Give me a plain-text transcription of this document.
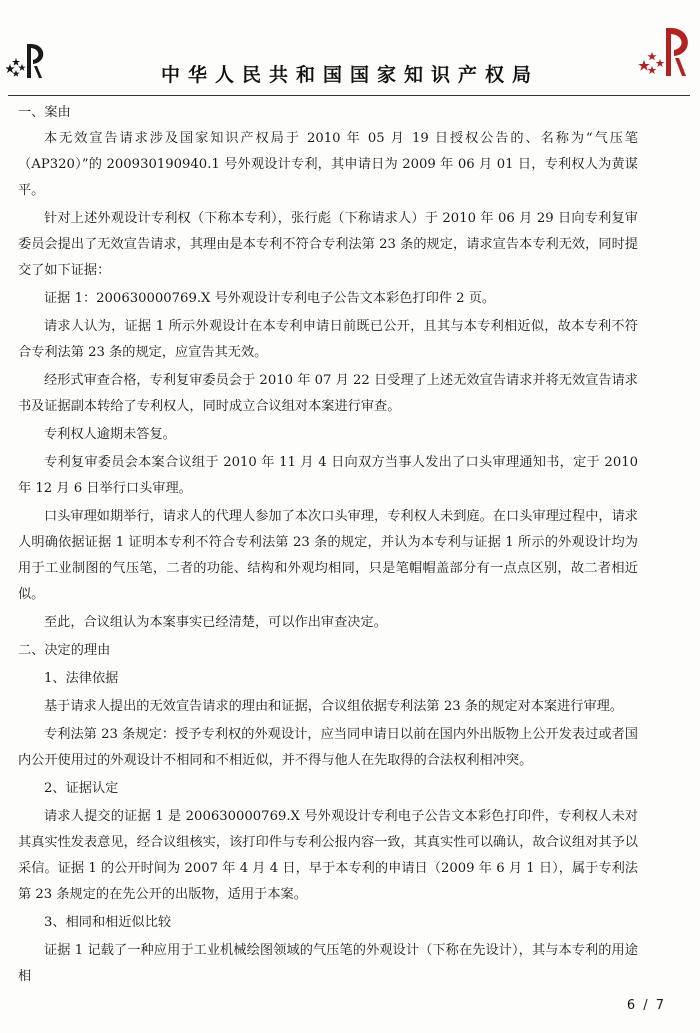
中华人民共和国国家知识产权局

一、案由

本无效宣告请求涉及国家知识产权局于 2010 年 05 月 19 日授权公告的、名称为“气压笔（AP320）”的 200930190940.1 号外观设计专利，其申请日为 2009 年 06 月 01 日，专利权人为黄谋平。

针对上述外观设计专利权（下称本专利），张行彪（下称请求人）于 2010 年 06 月 29 日向专利复审委员会提出了无效宣告请求，其理由是本专利不符合专利法第 23 条的规定，请求宣告本专利无效，同时提交了如下证据：

证据 1：200630000769.X 号外观设计专利电子公告文本彩色打印件 2 页。

请求人认为，证据 1 所示外观设计在本专利申请日前既已公开，且其与本专利相近似，故本专利不符合专利法第 23 条的规定，应宣告其无效。

经形式审查合格，专利复审委员会于 2010 年 07 月 22 日受理了上述无效宣告请求并将无效宣告请求书及证据副本转给了专利权人，同时成立合议组对本案进行审查。

专利权人逾期未答复。

专利复审委员会本案合议组于 2010 年 11 月 4 日向双方当事人发出了口头审理通知书，定于 2010 年 12 月 6 日举行口头审理。

口头审理如期举行，请求人的代理人参加了本次口头审理，专利权人未到庭。在口头审理过程中，请求人明确依据证据 1 证明本专利不符合专利法第 23 条的规定，并认为本专利与证据 1 所示的外观设计均为用于工业制图的气压笔，二者的功能、结构和外观均相同，只是笔帽帽盖部分有一点点区别，故二者相近似。

至此，合议组认为本案事实已经清楚，可以作出审查决定。

二、决定的理由

1、法律依据

基于请求人提出的无效宣告请求的理由和证据，合议组依据专利法第 23 条的规定对本案进行审理。

专利法第 23 条规定：授予专利权的外观设计，应当同申请日以前在国内外出版物上公开发表过或者国内公开使用过的外观设计不相同和不相近似，并不得与他人在先取得的合法权利相冲突。

2、证据认定

请求人提交的证据 1 是 200630000769.X 号外观设计专利电子公告文本彩色打印件，专利权人未对其真实性发表意见，经合议组核实，该打印件与专利公报内容一致，其真实性可以确认，故合议组对其予以采信。证据 1 的公开时间为 2007 年 4 月 4 日，早于本专利的申请日（2009 年 6 月 1 日），属于专利法第 23 条规定的在先公开的出版物，适用于本案。

3、相同和相近似比较

证据 1 记载了一种应用于工业机械绘图领域的气压笔的外观设计（下称在先设计），其与本专利的用途相

6 / 7
